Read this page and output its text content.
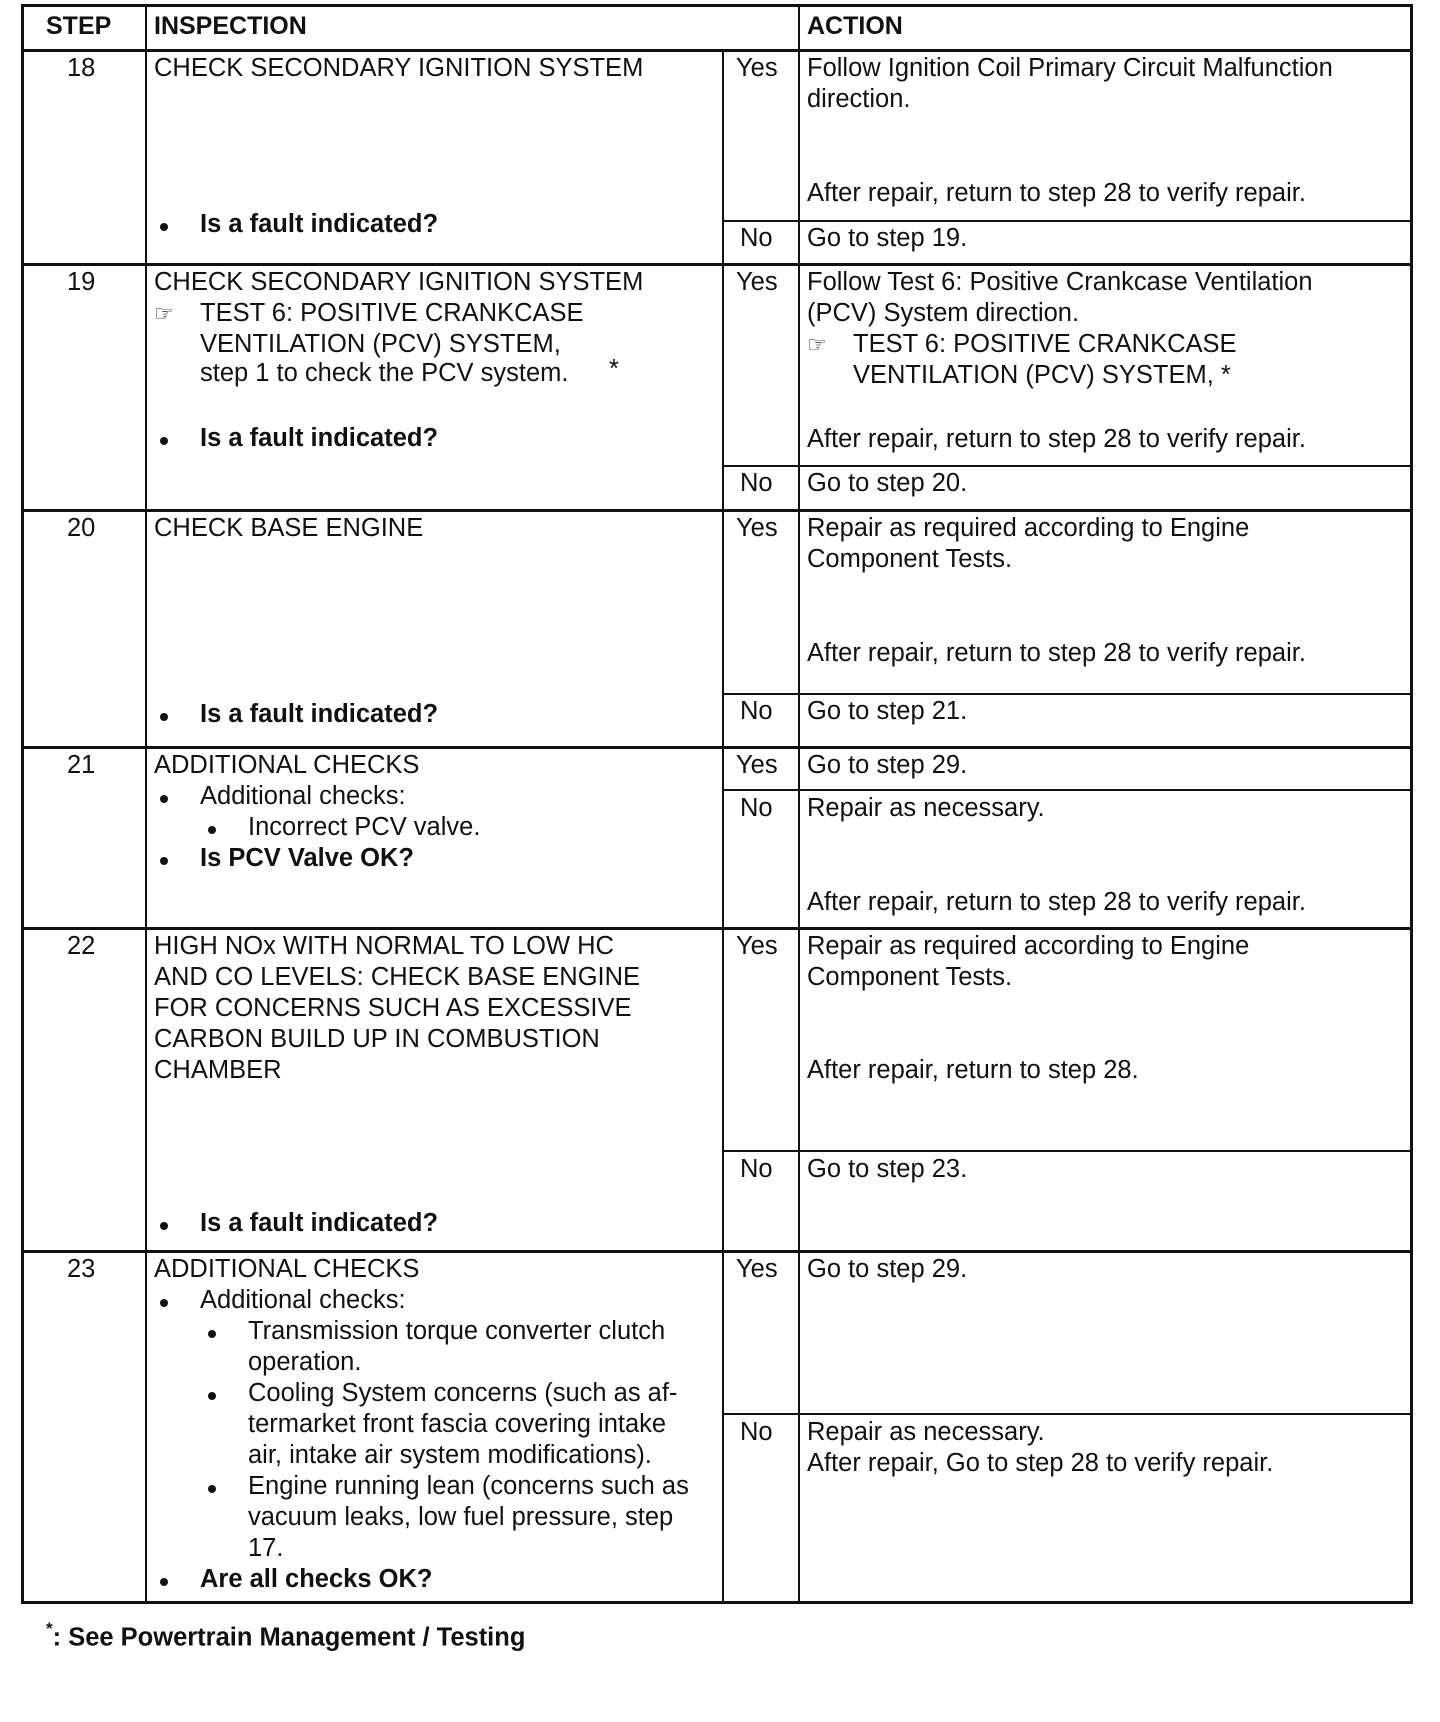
STEP INSPECTION	ACTION
18 CHECK SECONDARY IGNITION SYSTEM
Is a fault indicated?
Yes Follow Ignition Coil Primary Circuit Malfunction
direction.
After repair, return to step 28 to verify repair.
No Go to step 19.
19 CHECK SECONDARY IGNITION SYSTEM
☞ TEST 6: POSITIVE CRANKCASE
VENTILATION (PCV) SYSTEM,
step 1 to check the PCV system. *
Is a fault indicated?
Yes Follow Test 6: Positive Crankcase Ventilation
(PCV) System direction.
☞ TEST 6: POSITIVE CRANKCASE
VENTILATION (PCV) SYSTEM, *
After repair, return to step 28 to verify repair.
No Go to step 20.
20 CHECK BASE ENGINE
Is a fault indicated?
Yes Repair as required according to Engine
Component Tests.
After repair, return to step 28 to verify repair.
No Go to step 21.
21 ADDITIONAL CHECKS
Additional checks:
Incorrect PCV valve.
Is PCV Valve OK?
Yes Go to step 29.
No Repair as necessary.
After repair, return to step 28 to verify repair.
22 HIGH NOx WITH NORMAL TO LOW HC
AND CO LEVELS: CHECK BASE ENGINE
FOR CONCERNS SUCH AS EXCESSIVE
CARBON BUILD UP IN COMBUSTION
CHAMBER
Is a fault indicated?
Yes Repair as required according to Engine
Component Tests.
After repair, return to step 28.
No Go to step 23.
23 ADDITIONAL CHECKS
Additional checks:
Transmission torque converter clutch
operation.
Cooling System concerns (such as af-
termarket front fascia covering intake
air, intake air system modifications).
Engine running lean (concerns such as
vacuum leaks, low fuel pressure, step
17.
Are all checks OK?
Yes Go to step 29.
No Repair as necessary.
After repair, Go to step 28 to verify repair.
*: See Powertrain Management / Testing
